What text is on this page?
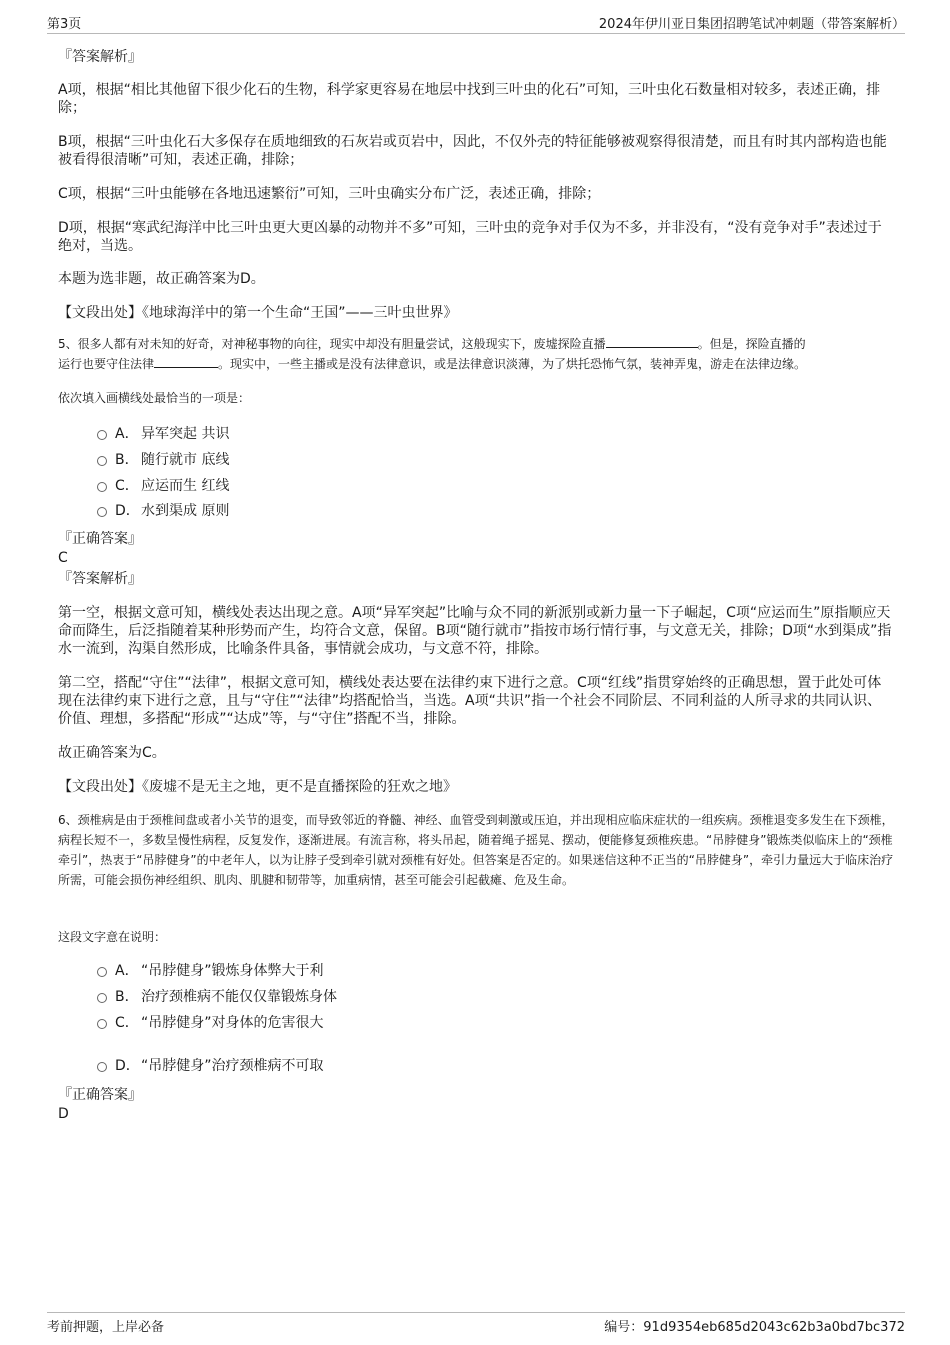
第3页	2024年伊川亚日集团招聘笔试冲刺题（带答案解析）
『答案解析』
A项，根据“相比其他留下很少化石的生物，科学家更容易在地层中找到三叶虫的化石”可知，三叶虫化石数量相对较多，表述正确，排除；
B项，根据“三叶虫化石大多保存在质地细致的石灰岩或页岩中，因此，不仅外壳的特征能够被观察得很清楚，而且有时其内部构造也能被看得很清晰”可知，表述正确，排除；
C项，根据“三叶虫能够在各地迅速繁衍”可知，三叶虫确实分布广泛，表述正确，排除；
D项，根据“寒武纪海洋中比三叶虫更大更凶暴的动物并不多”可知，三叶虫的竞争对手仅为不多，并非没有，“没有竞争对手”表述过于绝对，当选。
本题为选非题，故正确答案为D。
【文段出处】《地球海洋中的第一个生命“王国”——三叶虫世界》
5、很多人都有对未知的好奇，对神秘事物的向往，现实中却没有胆量尝试，这般现实下，废墟探险直播	。但是，探险直播的
运行也要守住法律	。现实中，一些主播或是没有法律意识，或是法律意识淡薄，为了烘托恐怖气氛，装神弄鬼，游走在法律边缘。
依次填入画横线处最恰当的一项是：
A． 异军突起 共识
B． 随行就市 底线
C． 应运而生 红线
D．水到渠成 原则
『正确答案』
C
『答案解析』
第一空，根据文意可知，横线处表达出现之意。A项“异军突起”比喻与众不同的新派别或新力量一下子崛起，C项“应运而生”原指顺应天命而降生，后泛指随着某种形势而产生，均符合文意，保留。B项“随行就市”指按市场行情行事，与文意无关，排除；D项“水到渠成”指水一流到，沟渠自然形成，比喻条件具备，事情就会成功，与文意不符，排除。
第二空，搭配“守住”“法律”，根据文意可知，横线处表达要在法律约束下进行之意。C项“红线”指贯穿始终的正确思想，置于此处可体现在法律约束下进行之意，且与“守住”“法律”均搭配恰当，当选。A项“共识”指一个社会不同阶层、不同利益的人所寻求的共同认识、价值、理想，多搭配“形成”“达成”等，与“守住”搭配不当，排除。
故正确答案为C。
【文段出处】《废墟不是无主之地，更不是直播探险的狂欢之地》
6、颈椎病是由于颈椎间盘或者小关节的退变，而导致邻近的脊髓、神经、血管受到刺激或压迫，并出现相应临床症状的一组疾病。颈椎退变多发生在下颈椎，病程长短不一，多数呈慢性病程，反复发作，逐渐进展。有流言称，将头吊起，随着绳子摇晃、摆动，便能修复颈椎疾患。“吊脖健身”锻炼类似临床上的“颈椎牵引”，热衷于“吊脖健身”的中老年人，以为让脖子受到牵引就对颈椎有好处。但答案是否定的。如果迷信这种不正当的“吊脖健身”，牵引力量远大于临床治疗所需，可能会损伤神经组织、肌肉、肌腱和韧带等，加重病情，甚至可能会引起截瘫、危及生命。
这段文字意在说明：
A． “吊脖健身”锻炼身体弊大于利
B． 治疗颈椎病不能仅仅靠锻炼身体
C． “吊脖健身”对身体的危害很大
D．“吊脖健身”治疗颈椎病不可取
『正确答案』
D
考前押题，上岸必备	编号：91d9354eb685d2043c62b3a0bd7bc372
